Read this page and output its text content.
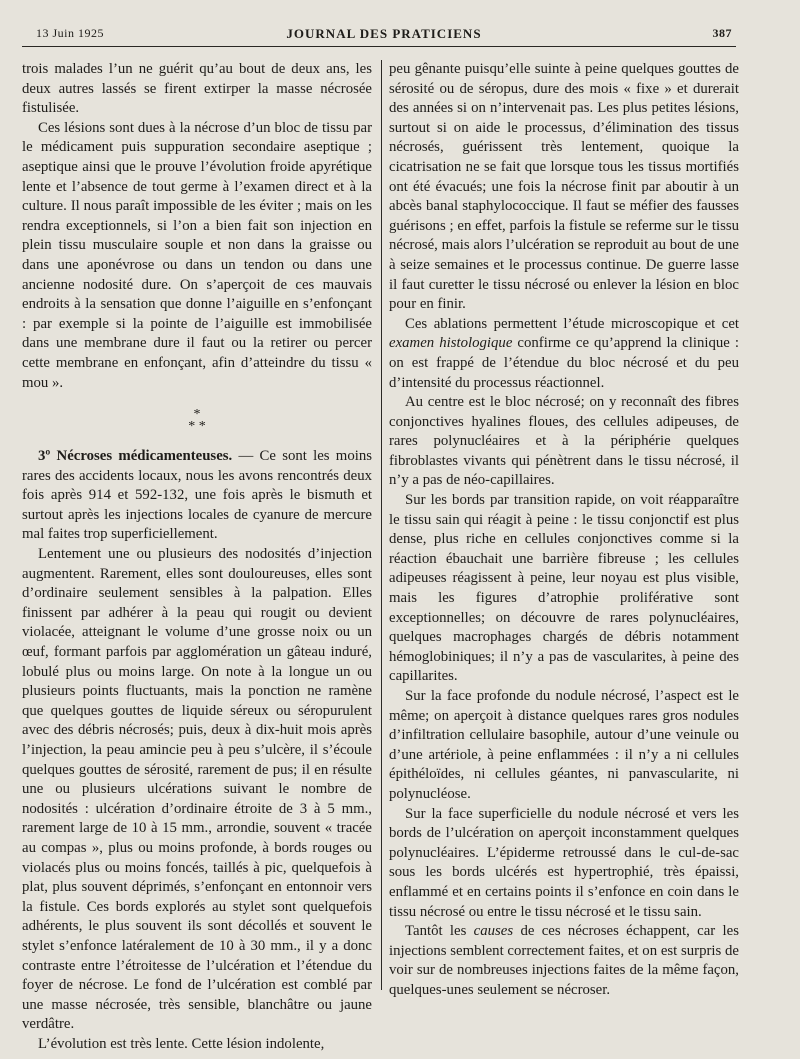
13 Juin 1925	JOURNAL DES PRATICIENS	387

trois malades l’un ne guérit qu’au bout de deux ans, les deux autres lassés se firent extirper la masse nécrosée fistulisée.

Ces lésions sont dues à la nécrose d’un bloc de tissu par le médicament puis suppuration secondaire aseptique ; aseptique ainsi que le prouve l’évolution froide apyrétique lente et l’absence de tout germe à l’examen direct et à la culture. Il nous paraît impossible de les éviter ; mais on les rendra exceptionnels, si l’on a bien fait son injection en plein tissu musculaire souple et non dans la graisse ou dans une aponévrose ou dans un tendon ou dans une ancienne nodosité dure. On s’aperçoit de ces mauvais endroits à la sensation que donne l’aiguille en s’enfonçant : par exemple si la pointe de l’aiguille est immobilisée dans une membrane dure il faut ou la retirer ou percer cette membrane en enfonçant, afin d’atteindre du tissu « mou ».

*
* *

3º Nécroses médicamenteuses. — Ce sont les moins rares des accidents locaux, nous les avons rencontrés deux fois après 914 et 592-132, une fois après le bismuth et surtout après les injections locales de cyanure de mercure mal faites trop superficiellement.

Lentement une ou plusieurs des nodosités d’injection augmentent. Rarement, elles sont douloureuses, elles sont d’ordinaire seulement sensibles à la palpation. Elles finissent par adhérer à la peau qui rougit ou devient violacée, atteignant le volume d’une grosse noix ou un œuf, formant parfois par agglomération un gâteau induré, lobulé plus ou moins large. On note à la longue un ou plusieurs points fluctuants, mais la ponction ne ramène que quelques gouttes de liquide séreux ou séropurulent avec des débris nécrosés; puis, deux à dix-huit mois après l’injection, la peau amincie peu à peu s’ulcère, il s’écoule quelques gouttes de sérosité, rarement de pus; il en résulte une ou plusieurs ulcérations suivant le nombre de nodosités : ulcération d’ordinaire étroite de 3 à 5 mm., rarement large de 10 à 15 mm., arrondie, souvent « tracée au compas », plus ou moins profonde, à bords rouges ou violacés plus ou moins foncés, taillés à pic, quelquefois à plat, plus souvent déprimés, s’enfonçant en entonnoir vers la fistule. Ces bords explorés au stylet sont quelquefois adhérents, le plus souvent ils sont décollés et souvent le stylet s’enfonce latéralement de 10 à 30 mm., il y a donc contraste entre l’étroitesse de l’ulcération et l’étendue du foyer de nécrose. Le fond de l’ulcération est comblé par une masse nécrosée, très sensible, blanchâtre ou jaune verdâtre.

L’évolution est très lente. Cette lésion indolente,

peu gênante puisqu’elle suinte à peine quelques gouttes de sérosité ou de séropus, dure des mois « fixe » et durerait des années si on n’intervenait pas. Les plus petites lésions, surtout si on aide le processus, d’élimination des tissus nécrosés, guérissent très lentement, quoique la cicatrisation ne se fait que lorsque tous les tissus mortifiés ont été évacués; une fois la nécrose finit par aboutir à un abcès banal staphylococcique. Il faut se méfier des fausses guérisons ; en effet, parfois la fistule se referme sur le tissu nécrosé, mais alors l’ulcération se reproduit au bout de une à seize semaines et le processus continue. De guerre lasse il faut curetter le tissu nécrosé ou enlever la lésion en bloc pour en finir.

Ces ablations permettent l’étude microscopique et cet examen histologique confirme ce qu’apprend la clinique : on est frappé de l’étendue du bloc nécrosé et du peu d’intensité du processus réactionnel.

Au centre est le bloc nécrosé; on y reconnaît des fibres conjonctives hyalines floues, des cellules adipeuses, de rares polynucléaires et à la périphérie quelques fibroblastes vivants qui pénètrent dans le tissu nécrosé, il n’y a pas de néo-capillaires.

Sur les bords par transition rapide, on voit réapparaître le tissu sain qui réagit à peine : le tissu conjonctif est plus dense, plus riche en cellules conjonctives comme si la réaction ébauchait une barrière fibreuse ; les cellules adipeuses réagissent à peine, leur noyau est plus visible, mais les figures d’atrophie proliférative sont exceptionnelles; on découvre de rares polynucléaires, quelques macrophages chargés de débris notamment hémoglobiniques; il n’y a pas de vascularites, à peine des capillarites.

Sur la face profonde du nodule nécrosé, l’aspect est le même; on aperçoit à distance quelques rares gros nodules d’infiltration cellulaire basophile, autour d’une veinule ou d’une artériole, à peine enflammées : il n’y a ni cellules épithéloïdes, ni cellules géantes, ni panvascularite, ni polynucléose.

Sur la face superficielle du nodule nécrosé et vers les bords de l’ulcération on aperçoit inconstamment quelques polynucléaires. L’épiderme retroussé dans le cul-de-sac sous les bords ulcérés est hypertrophié, très épaissi, enflammé et en certains points il s’enfonce en coin dans le tissu nécrosé ou entre le tissu nécrosé et le tissu sain.

Tantôt les causes de ces nécroses échappent, car les injections semblent correctement faites, et on est surpris de voir sur de nombreuses injections faites de la même façon, quelques-unes seulement se nécroser.
